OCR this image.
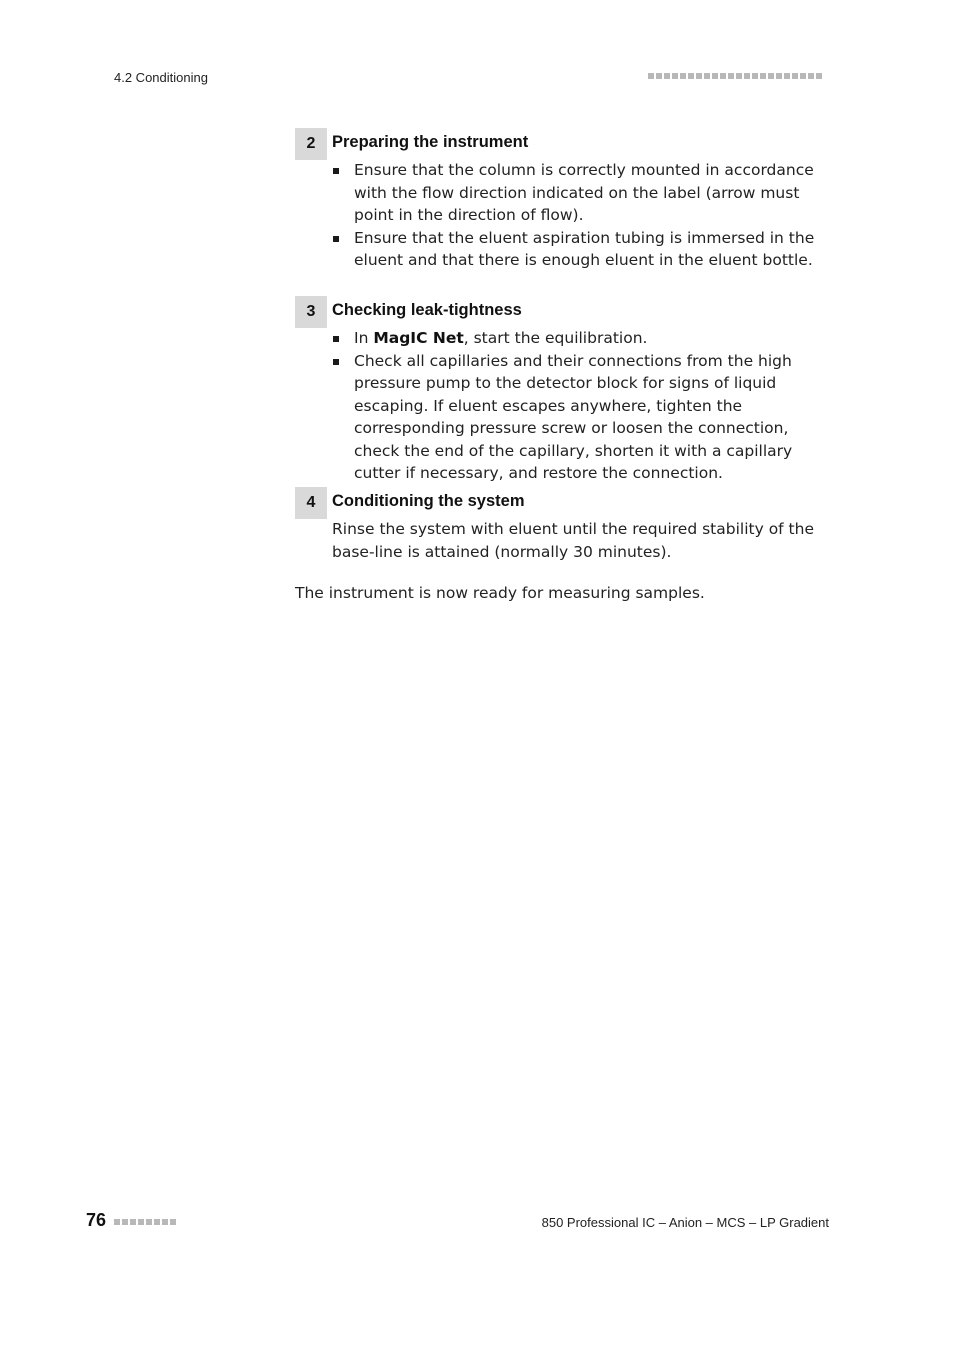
4.2 Conditioning
2	Preparing the instrument
Ensure that the column is correctly mounted in accordance with the flow direction indicated on the label (arrow must point in the direction of flow).
Ensure that the eluent aspiration tubing is immersed in the eluent and that there is enough eluent in the eluent bottle.
3	Checking leak-tightness
In MagIC Net, start the equilibration.
Check all capillaries and their connections from the high pressure pump to the detector block for signs of liquid escaping. If eluent escapes anywhere, tighten the corresponding pressure screw or loosen the connection, check the end of the capillary, shorten it with a capillary cutter if necessary, and restore the connection.
4	Conditioning the system

Rinse the system with eluent until the required stability of the base-line is attained (normally 30 minutes).

The instrument is now ready for measuring samples.
76	850 Professional IC – Anion – MCS – LP Gradient
